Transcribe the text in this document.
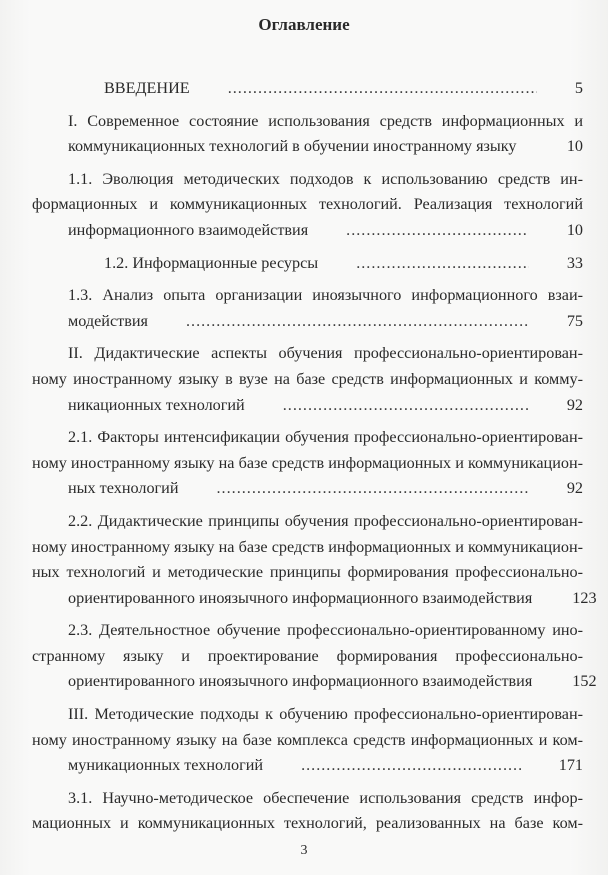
Оглавление
ВВЕДЕНИЕ .....	5
I. Современное состояние использования средств информационных и
коммуникационных технологий в обучении иностранному языку .....	10
1.1. Эволюция методических подходов к использованию средств ин-
формационных и коммуникационных технологий. Реализация технологий
информационного взаимодействия .....	10
1.2. Информационные ресурсы .....	33
1.3. Анализ опыта организации иноязычного информационного взаи-
модействия .....	75
II. Дидактические аспекты обучения профессионально-ориентирован-
ному иностранному языку в вузе на базе средств информационных и комму-
никационных технологий .....	92
2.1. Факторы интенсификации обучения профессионально-ориентирован-
ному иностранному языку на базе средств информационных и коммуникацион-
ных технологий .....	92
2.2. Дидактические принципы обучения профессионально-ориентирован-
ному иностранному языку на базе средств информационных и коммуникацион-
ных технологий и методические принципы формирования профессионально-
ориентированного иноязычного информационного взаимодействия	123
2.3. Деятельностное обучение профессионально-ориентированному ино-
странному языку и проектирование формирования профессионально-
ориентированного иноязычного информационного взаимодействия	152
III. Методические подходы к обучению профессионально-ориентирован-
ному иностранному языку на базе комплекса средств информационных и ком-
муникационных технологий .....	171
3.1. Научно-методическое обеспечение использования средств инфор-
мационных и коммуникационных технологий, реализованных на базе ком-
3
